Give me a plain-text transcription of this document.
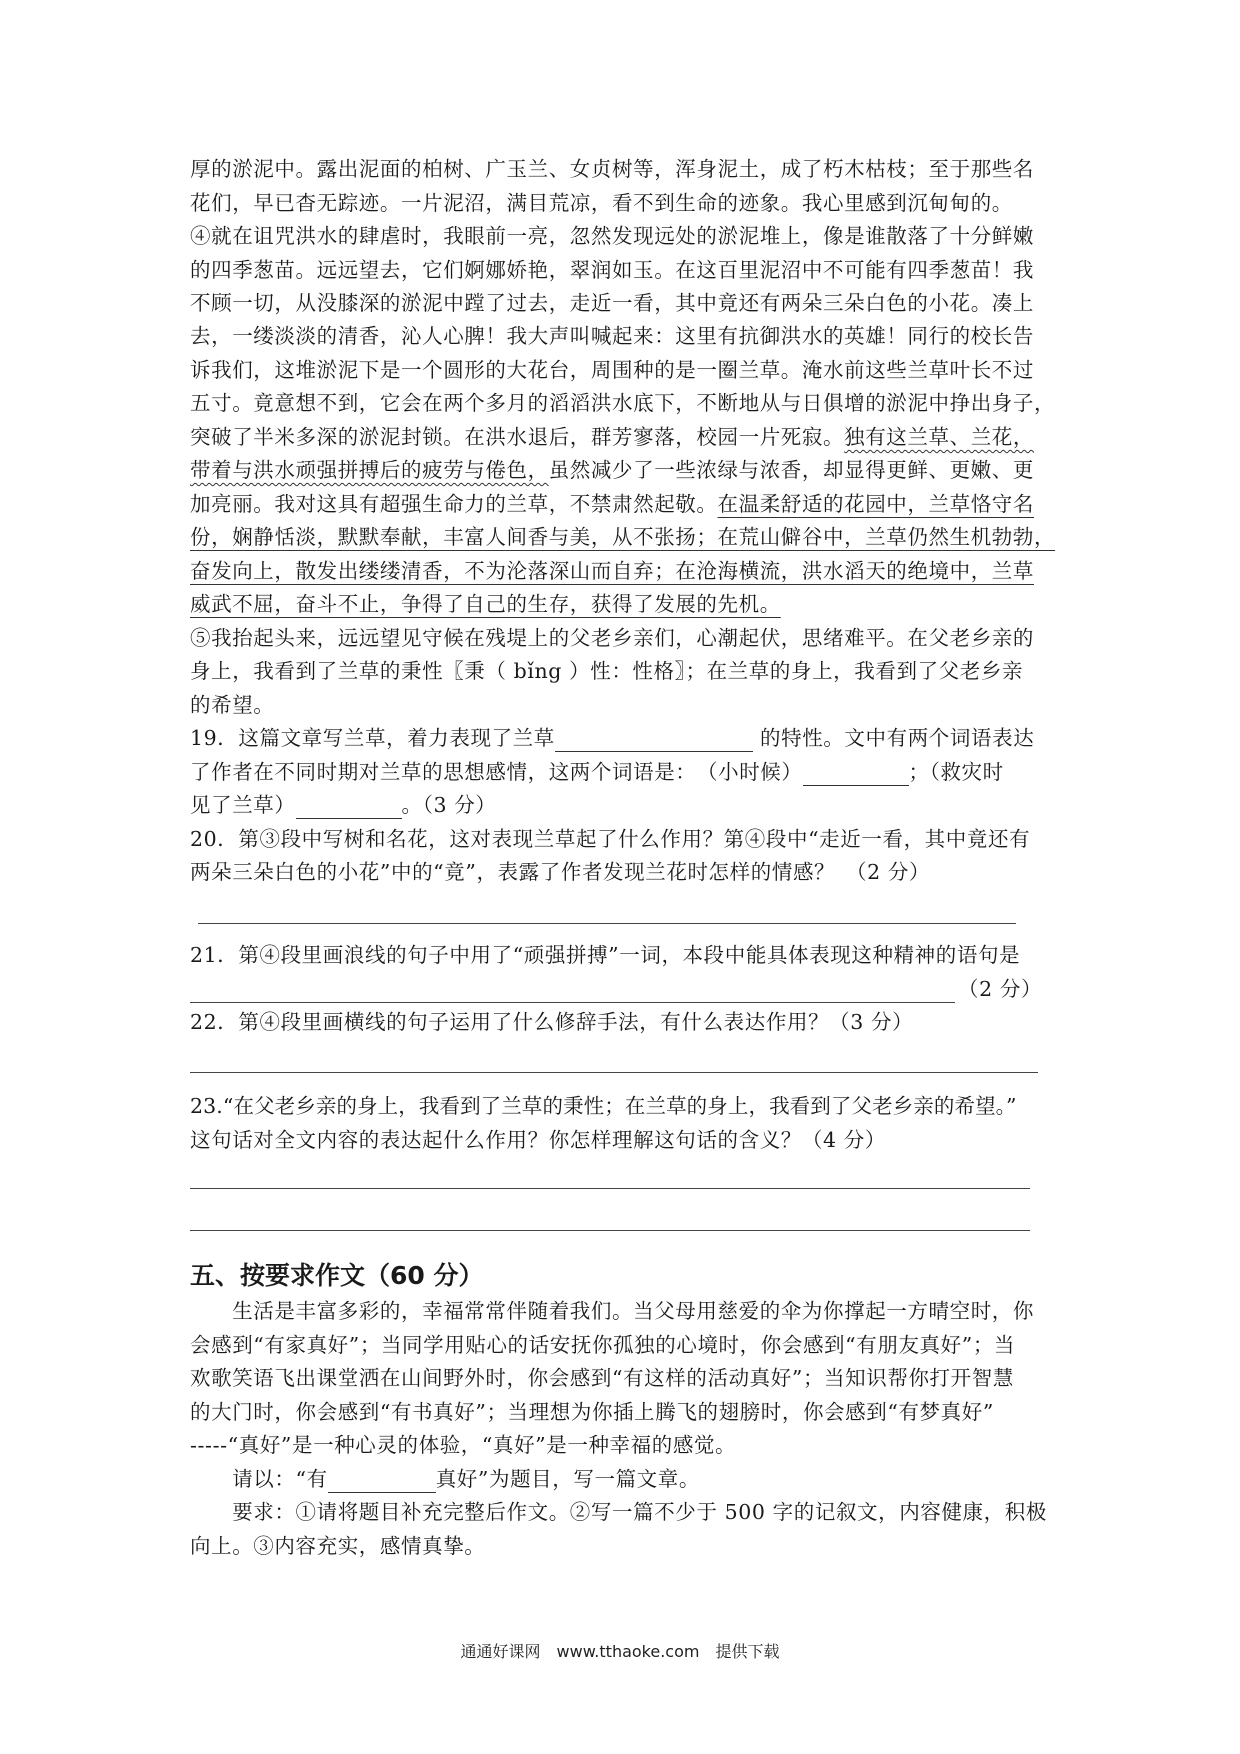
厚的淤泥中。露出泥面的柏树、广玉兰、女贞树等，浑身泥土，成了朽木枯枝；至于那些名
花们，早已杳无踪迹。一片泥沼，满目荒凉，看不到生命的迹象。我心里感到沉甸甸的。
④就在诅咒洪水的肆虐时，我眼前一亮，忽然发现远处的淤泥堆上，像是谁散落了十分鲜嫩
的四季葱苗。远远望去，它们婀娜娇艳，翠润如玉。在这百里泥沼中不可能有四季葱苗！我
不顾一切，从没膝深的淤泥中蹚了过去，走近一看，其中竟还有两朵三朵白色的小花。凑上
去，一缕淡淡的清香，沁人心脾！我大声叫喊起来：这里有抗御洪水的英雄！同行的校长告
诉我们，这堆淤泥下是一个圆形的大花台，周围种的是一圈兰草。淹水前这些兰草叶长不过
五寸。竟意想不到，它会在两个多月的滔滔洪水底下，不断地从与日俱增的淤泥中挣出身子，
突破了半米多深的淤泥封锁。在洪水退后，群芳寥落，校园一片死寂。独有这兰草、兰花，
带着与洪水顽强拼搏后的疲劳与倦色，虽然减少了一些浓绿与浓香，却显得更鲜、更嫩、更
加亮丽。我对这具有超强生命力的兰草，不禁肃然起敬。在温柔舒适的花园中，兰草恪守名
份，娴静恬淡，默默奉献，丰富人间香与美，从不张扬；在荒山僻谷中，兰草仍然生机勃勃，
奋发向上，散发出缕缕清香，不为沦落深山而自弃；在沧海横流，洪水滔天的绝境中，兰草
威武不屈，奋斗不止，争得了自己的生存，获得了发展的先机。
⑤我抬起头来，远远望见守候在残堤上的父老乡亲们，心潮起伏，思绪难平。在父老乡亲的
身上，我看到了兰草的秉性〖秉（ bǐng ）性：性格〗；在兰草的身上，我看到了父老乡亲
的希望。
19．这篇文章写兰草，着力表现了兰草	的特性。文中有两个词语表达
了作者在不同时期对兰草的思想感情，这两个词语是：　（小时候）	；（救灾时
见了兰草）	。（3 分）
20．第③段中写树和名花，这对表现兰草起了什么作用？第④段中“走近一看，其中竟还有
两朵三朵白色的小花”中的“竟”，表露了作者发现兰花时怎样的情感？　（2 分）
21．第④段里画浪线的句子中用了“顽强拼搏”一词，本段中能具体表现这种精神的语句是
（2 分）
22．第④段里画横线的句子运用了什么修辞手法，有什么表达作用？（3 分）
23.“在父老乡亲的身上，我看到了兰草的秉性；在兰草的身上，我看到了父老乡亲的希望。”
这句话对全文内容的表达起什么作用？你怎样理解这句话的含义？（4 分）
五、按要求作文（60 分）
　　生活是丰富多彩的，幸福常常伴随着我们。当父母用慈爱的伞为你撑起一方晴空时，你
会感到“有家真好”；当同学用贴心的话安抚你孤独的心境时，你会感到“有朋友真好”；当
欢歌笑语飞出课堂洒在山间野外时，你会感到“有这样的活动真好”；当知识帮你打开智慧
的大门时，你会感到“有书真好”；当理想为你插上腾飞的翅膀时，你会感到“有梦真好”
-----“真好”是一种心灵的体验，“真好”是一种幸福的感觉。
　　请以：“有	真好”为题目，写一篇文章。
　　要求：①请将题目补充完整后作文。②写一篇不少于 500 字的记叙文，内容健康，积极
向上。③内容充实，感情真挚。
通通好课网　www.tthaoke.com　提供下载
